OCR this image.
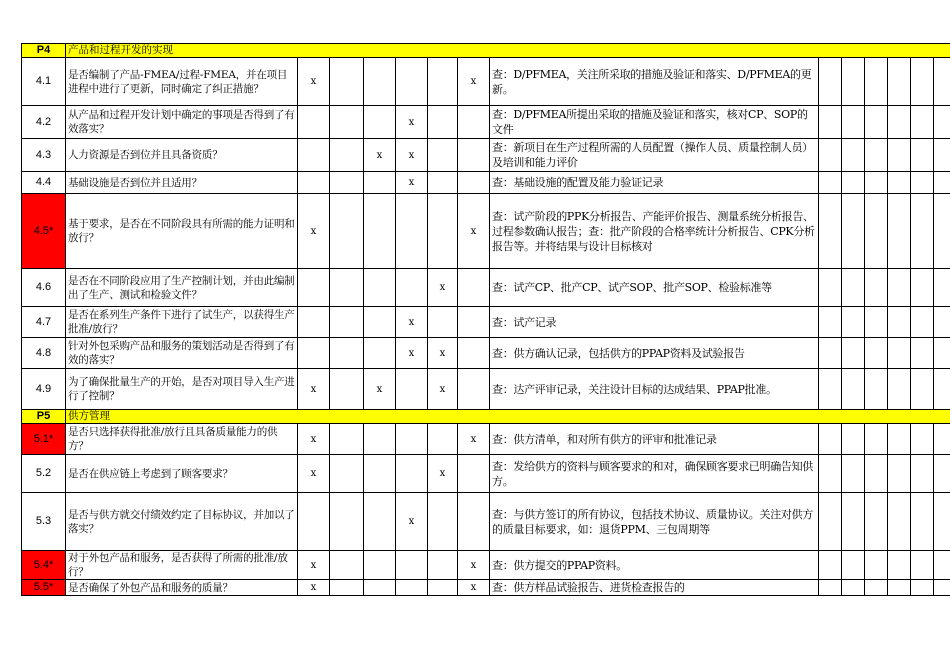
P4	产品和过程开发的实现													
4.1	是否编制了产品-FMEA/过程-FMEA，并在项目进程中进行了更新，同时确定了纠正措施？	x					x	查：D/PFMEA，关注所采取的措施及验证和落实、D/PFMEA的更新。						
4.2	从产品和过程开发计划中确定的事项是否得到了有效落实？				x			查：D/PFMEA所提出采取的措施及验证和落实，核对CP、SOP的文件						
4.3	人力资源是否到位并且具备资质？			x	x			查：新项目在生产过程所需的人员配置（操作人员、质量控制人员）及培训和能力评价						
4.4	基础设施是否到位并且适用？				x			查：基础设施的配置及能力验证记录						
4.5*	基于要求，是否在不同阶段具有所需的能力证明和放行？	x					x	查：试产阶段的PPK分析报告、产能评价报告、测量系统分析报告、过程参数确认报告；查：批产阶段的合格率统计分析报告、CPK分析报告等。并将结果与设计目标核对						
4.6	是否在不同阶段应用了生产控制计划，并由此编制出了生产、测试和检验文件？					x		查：试产CP、批产CP、试产SOP、批产SOP、检验标准等						
4.7	是否在系列生产条件下进行了试生产，以获得生产批准/放行？				x			查：试产记录						
4.8	针对外包采购产品和服务的策划活动是否得到了有效的落实？				x	x		查：供方确认记录，包括供方的PPAP资料及试验报告						
4.9	为了确保批量生产的开始，是否对项目导入生产进行了控制？	x		x		x		查：达产评审记录，关注设计目标的达成结果、PPAP批准。						
P5	供方管理													
5.1*	是否只选择获得批准/放行且具备质量能力的供方？	x					x	查：供方清单，和对所有供方的评审和批准记录						
5.2	是否在供应链上考虑到了顾客要求？	x				x		查：发给供方的资料与顾客要求的和对，确保顾客要求已明确告知供方。						
5.3	是否与供方就交付绩效约定了目标协议，并加以了落实？				x			查：与供方签订的所有协议，包括技术协议、质量协议。关注对供方的质量目标要求，如：退货PPM、三包周期等						
5.4*	对于外包产品和服务，是否获得了所需的批准/放行？	x					x	查：供方提交的PPAP资料。						
5.5*	是否确保了外包产品和服务的质量？	x					x	查：供方样品试验报告、进货检查报告的						
